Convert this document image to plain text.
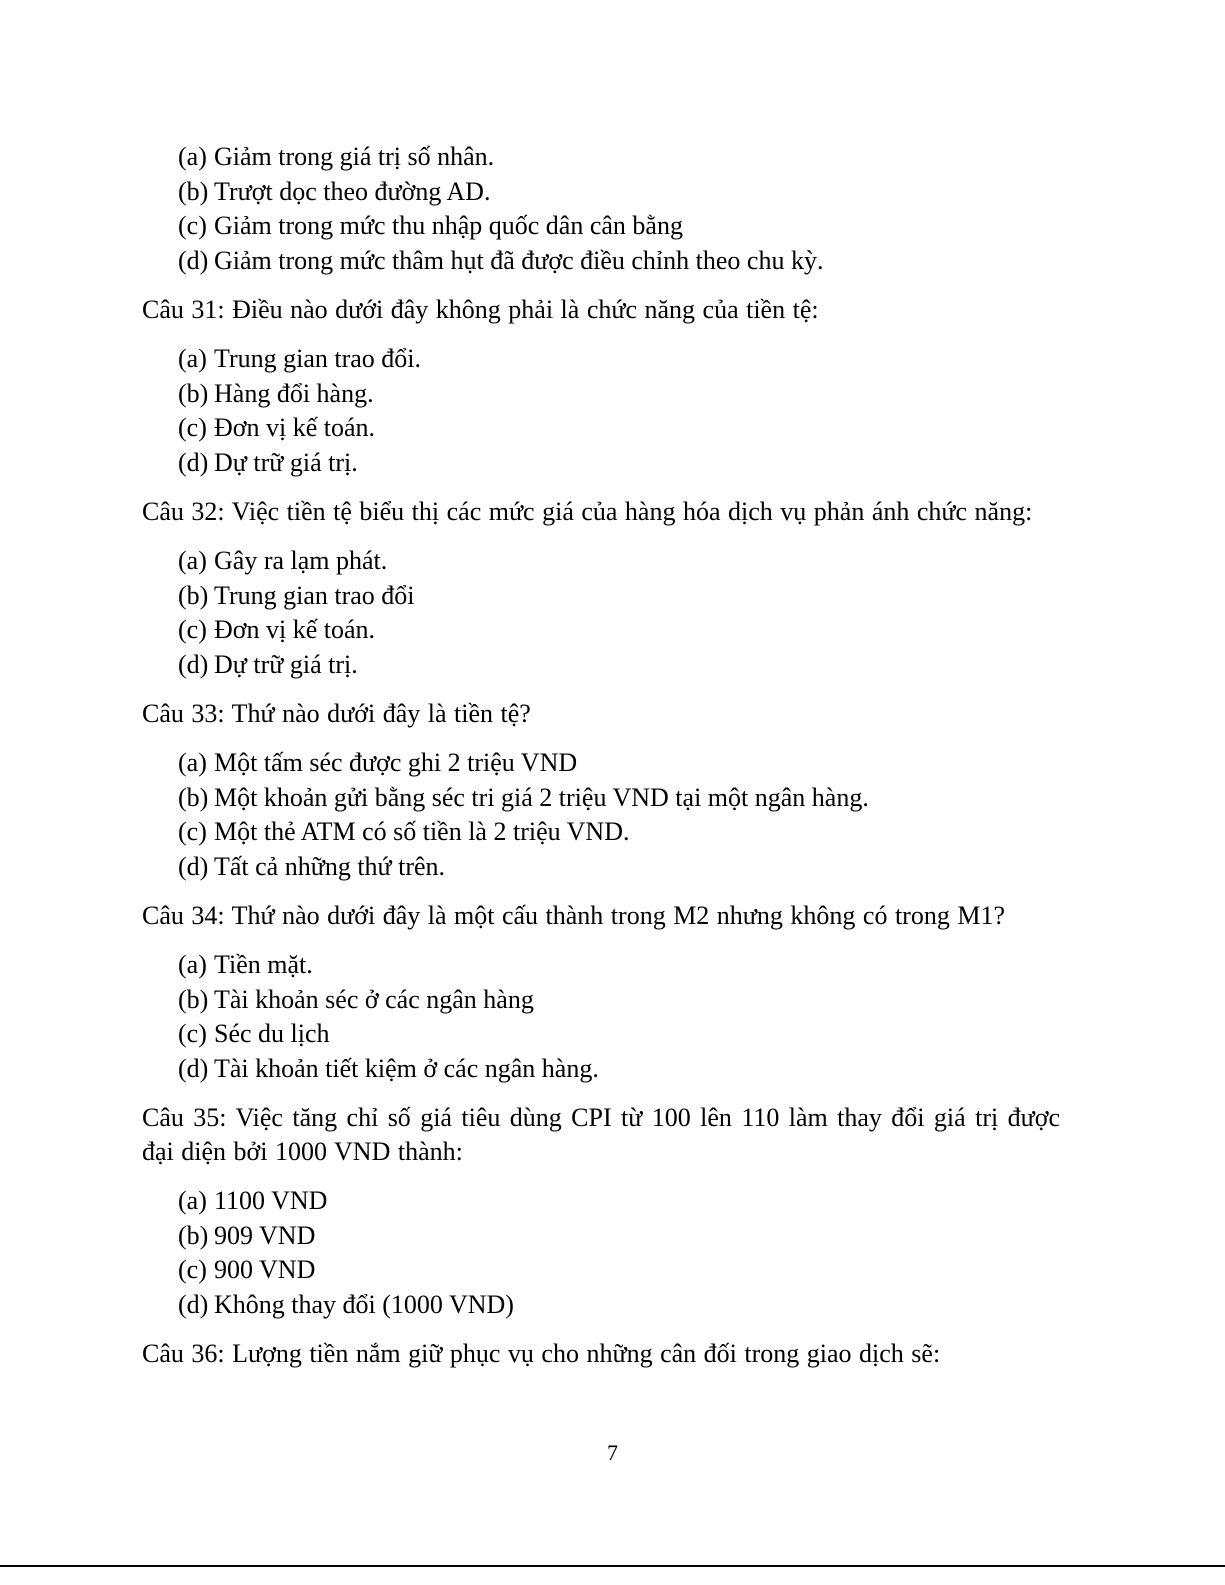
(a) Giảm trong giá trị số nhân.
(b) Trượt dọc theo đường AD.
(c) Giảm trong mức thu nhập quốc dân cân bằng
(d) Giảm trong mức thâm hụt đã được điều chỉnh theo chu kỳ.

Câu 31: Điều nào dưới đây không phải là chức năng của tiền tệ:

(a) Trung gian trao đổi.
(b) Hàng đổi hàng.
(c) Đơn vị kế toán.
(d) Dự trữ giá trị.

Câu 32: Việc tiền tệ biểu thị các mức giá của hàng hóa dịch vụ phản ánh chức năng:

(a) Gây ra lạm phát.
(b) Trung gian trao đổi
(c) Đơn vị kế toán.
(d) Dự trữ giá trị.

Câu 33: Thứ nào dưới đây là tiền tệ?

(a) Một tấm séc được ghi 2 triệu VND
(b) Một khoản gửi bằng séc tri giá 2 triệu VND tại một ngân hàng.
(c) Một thẻ ATM có số tiền là 2 triệu VND.
(d) Tất cả những thứ trên.

Câu 34: Thứ nào dưới đây là một cấu thành trong M2 nhưng không có trong M1?

(a) Tiền mặt.
(b) Tài khoản séc ở các ngân hàng
(c) Séc du lịch
(d) Tài khoản tiết kiệm ở các ngân hàng.

Câu 35: Việc tăng chỉ số giá tiêu dùng CPI từ 100 lên 110 làm thay đổi giá trị được đại diện bởi 1000 VND thành:

(a) 1100 VND
(b) 909 VND
(c) 900 VND
(d) Không thay đổi (1000 VND)

Câu 36: Lượng tiền nắm giữ phục vụ cho những cân đối trong giao dịch sẽ:

7
